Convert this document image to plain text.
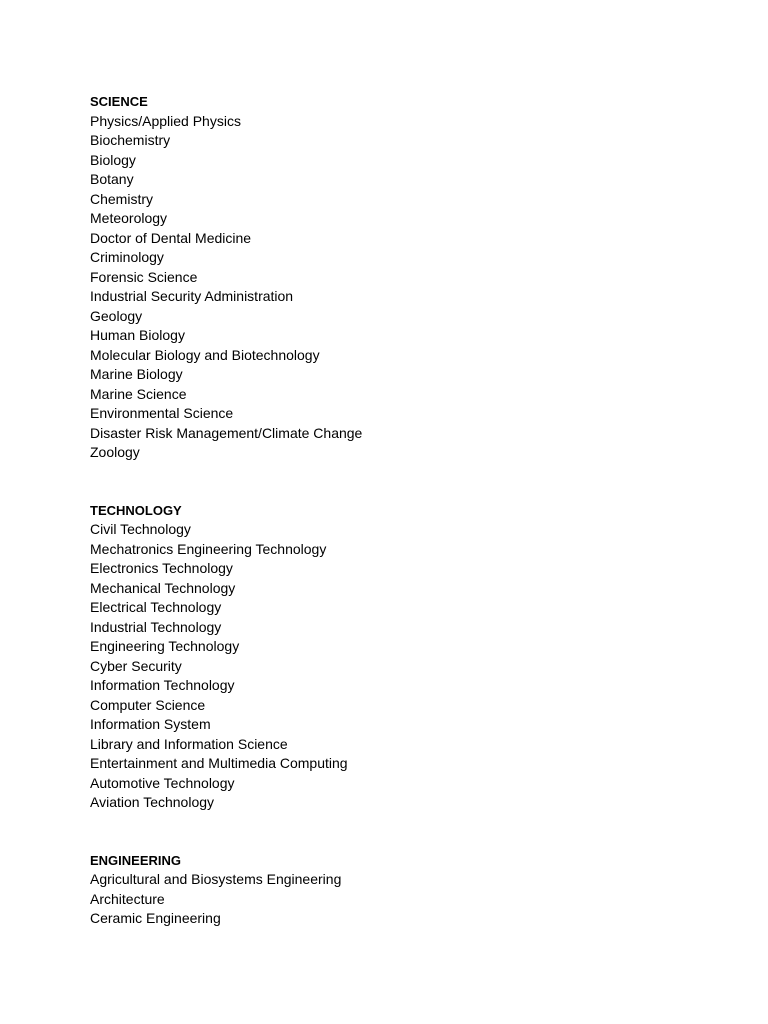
SCIENCE
Physics/Applied Physics
Biochemistry
Biology
Botany
Chemistry
Meteorology
Doctor of Dental Medicine
Criminology
Forensic Science
Industrial Security Administration
Geology
Human Biology
Molecular Biology and Biotechnology
Marine Biology
Marine Science
Environmental Science
Disaster Risk Management/Climate Change
Zoology
TECHNOLOGY
Civil Technology
Mechatronics Engineering Technology
Electronics Technology
Mechanical Technology
Electrical Technology
Industrial Technology
Engineering Technology
Cyber Security
Information Technology
Computer Science
Information System
Library and Information Science
Entertainment and Multimedia Computing
Automotive Technology
Aviation Technology
ENGINEERING
Agricultural and Biosystems Engineering
Architecture
Ceramic Engineering
